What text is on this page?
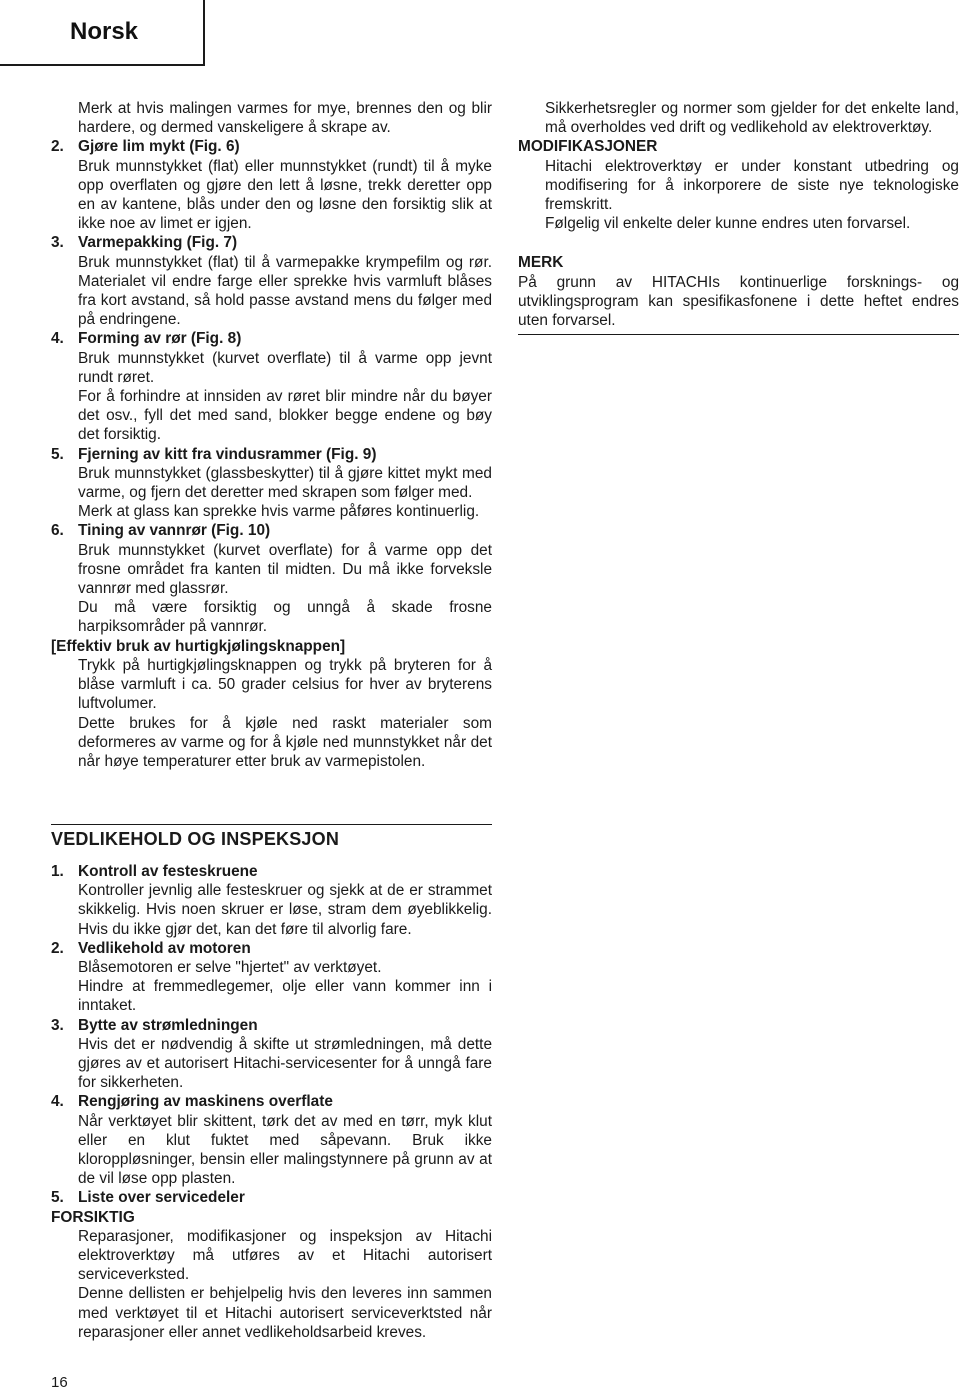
Norsk

Merk at hvis malingen varmes for mye, brennes den og blir hardere, og dermed vanskeligere å skrape av.

2. Gjøre lim mykt (Fig. 6)

Bruk munnstykket (flat) eller munnstykket (rundt) til å myke opp overflaten og gjøre den lett å løsne, trekk deretter opp en av kantene, blås under den og løsne den forsiktig slik at ikke noe av limet er igjen.

3. Varmepakking (Fig. 7)

Bruk munnstykket (flat) til å varmepakke krympefilm og rør. Materialet vil endre farge eller sprekke hvis varmluft blåses fra kort avstand, så hold passe avstand mens du følger med på endringene.

4. Forming av rør (Fig. 8)

Bruk munnstykket (kurvet overflate) til å varme opp jevnt rundt røret.

For å forhindre at innsiden av røret blir mindre når du bøyer det osv., fyll det med sand, blokker begge endene og bøy det forsiktig.

5. Fjerning av kitt fra vindusrammer (Fig. 9)

Bruk munnstykket (glassbeskytter) til å gjøre kittet mykt med varme, og fjern det deretter med skrapen som følger med.

Merk at glass kan sprekke hvis varme påføres kontinuerlig.

6. Tining av vannrør (Fig. 10)

Bruk munnstykket (kurvet overflate) for å varme opp det frosne området fra kanten til midten. Du må ikke forveksle vannrør med glassrør.

Du må være forsiktig og unngå å skade frosne harpiksområder på vannrør.

[Effektiv bruk av hurtigkjølingsknappen]

Trykk på hurtigkjølingsknappen og trykk på bryteren for å blåse varmluft i ca. 50 grader celsius for hver av bryterens luftvolumer.

Dette brukes for å kjøle ned raskt materialer som deformeres av varme og for å kjøle ned munnstykket når det når høye temperaturer etter bruk av varmepistolen.

Sikkerhetsregler og normer som gjelder for det enkelte land, må overholdes ved drift og vedlikehold av elektroverktøy.

MODIFIKASJONER

Hitachi elektroverktøy er under konstant utbedring og modifisering for å inkorporere de siste nye teknologiske fremskritt.

Følgelig vil enkelte deler kunne endres uten forvarsel.

MERK

På grunn av HITACHIs kontinuerlige forsknings- og utviklingsprogram kan spesifikasfonene i dette heftet endres uten forvarsel.

VEDLIKEHOLD OG INSPEKSJON
1. Kontroll av festeskruene

Kontroller jevnlig alle festeskruer og sjekk at de er strammet skikkelig. Hvis noen skruer er løse, stram dem øyeblikkelig. Hvis du ikke gjør det, kan det føre til alvorlig fare.

2. Vedlikehold av motoren

Blåsemotoren er selve "hjertet" av verktøyet.

Hindre at fremmedlegemer, olje eller vann kommer inn i inntaket.

3. Bytte av strømledningen

Hvis det er nødvendig å skifte ut strømledningen, må dette gjøres av et autorisert Hitachi-servicesenter for å unngå fare for sikkerheten.

4. Rengjøring av maskinens overflate

Når verktøyet blir skittent, tørk det av med en tørr, myk klut eller en klut fuktet med såpevann. Bruk ikke kloroppløsninger, bensin eller malingstynnere på grunn av at de vil løse opp plasten.

5. Liste over servicedeler

FORSIKTIG

Reparasjoner, modifikasjoner og inspeksjon av Hitachi elektroverktøy må utføres av et Hitachi autorisert serviceverksted.

Denne dellisten er behjelpelig hvis den leveres inn sammen med verktøyet til et Hitachi autorisert serviceverktsted når reparasjoner eller annet vedlikeholdsarbeid kreves.

16
